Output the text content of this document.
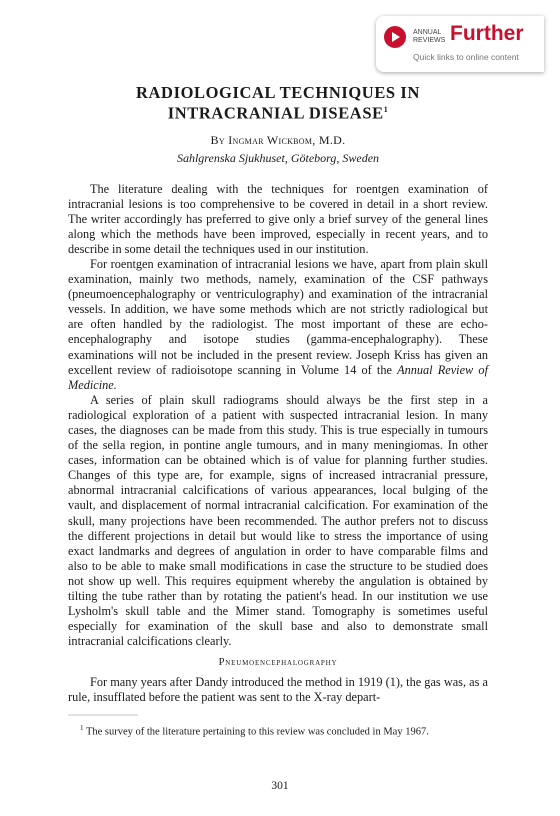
ANNUAL
REVIEWS Further
Quick links to online content
RADIOLOGICAL TECHNIQUES IN
INTRACRANIAL DISEASE$^1$
By Ingmar Wickbom, M.D.
Sahlgrenska Sjukhuset, Göteborg, Sweden

The literature dealing with the techniques for roentgen examination of intracranial lesions is too comprehensive to be covered in detail in a short review. The writer accordingly has preferred to give only a brief survey of the general lines along which the methods have been improved, especially in recent years, and to describe in some detail the techniques used in our institution.

For roentgen examination of intracranial lesions we have, apart from plain skull examination, mainly two methods, namely, examination of the CSF pathways (pneumoencephalography or ventriculography) and examination of the intracranial vessels. In addition, we have some methods which are not strictly radiological but are often handled by the radiologist. The most important of these are echo-encephalography and isotope studies (gamma-encephalography). These examinations will not be included in the present review. Joseph Kriss has given an excellent review of radioisotope scanning in Volume 14 of the Annual Review of Medicine.

A series of plain skull radiograms should always be the first step in a radiological exploration of a patient with suspected intracranial lesion. In many cases, the diagnoses can be made from this study. This is true especially in tumours of the sella region, in pontine angle tumours, and in many meningiomas. In other cases, information can be obtained which is of value for planning further studies. Changes of this type are, for example, signs of increased intracranial pressure, abnormal intracranial calcifications of various appearances, local bulging of the vault, and displacement of normal intracranial calcification. For examination of the skull, many projections have been recommended. The author prefers not to discuss the different projections in detail but would like to stress the importance of using exact landmarks and degrees of angulation in order to have comparable films and also to be able to make small modifications in case the structure to be studied does not show up well. This requires equipment whereby the angulation is obtained by tilting the tube rather than by rotating the patient's head. In our institution we use Lysholm's skull table and the Mimer stand. Tomography is sometimes useful especially for examination of the skull base and also to demonstrate small intracranial calcifications clearly.

Pneumoencephalography

For many years after Dandy introduced the method in 1919 (1), the gas was, as a rule, insufflated before the patient was sent to the X-ray depart-

$^1$ The survey of the literature pertaining to this review was concluded in May 1967.
301
